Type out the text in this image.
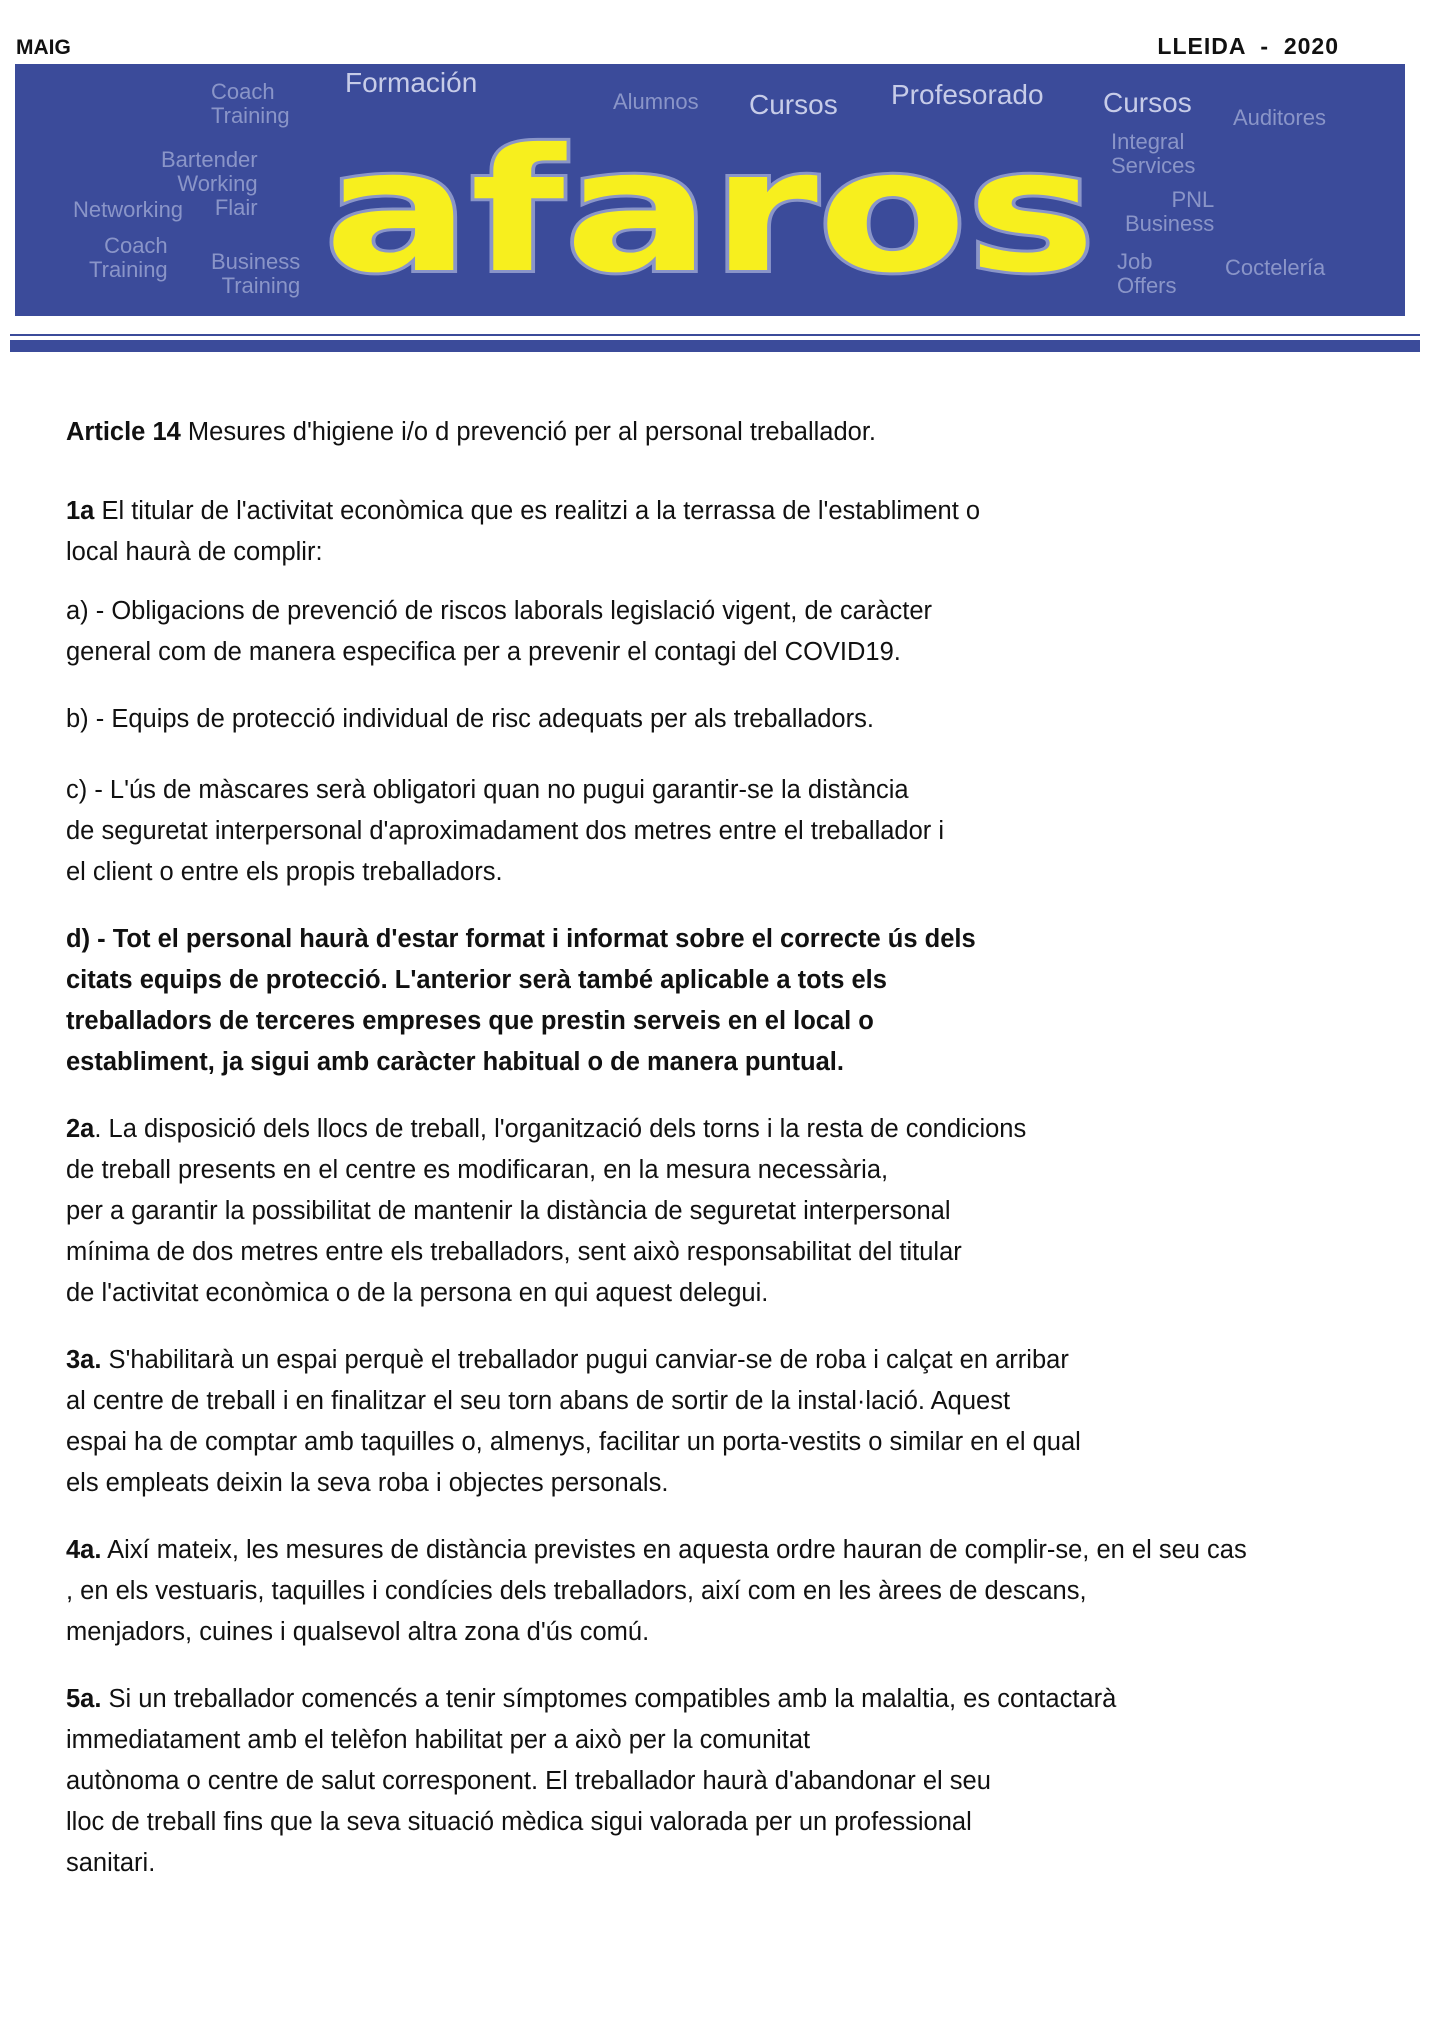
MAIG	LLEIDA  -  2020
Coach
Training
Formación
Alumnos Cursos Profesorado Cursos Auditores
Bartender
Working
Flair
Integral
Services
Networking	PNL
Business
Coach
Training Business
Training
Job
Offers
Coctelería
afaros

Article 14 Mesures d'higiene i/o d prevenció per al personal treballador.

1a El titular de l'activitat econòmica que es realitzi a la terrassa de l'establiment o
local haurà de complir:

a) - Obligacions de prevenció de riscos laborals legislació vigent, de caràcter
general com de manera especifica per a prevenir el contagi del COVID19.

b) - Equips de protecció individual de risc adequats per als treballadors.

c) - L'ús de màscares serà obligatori quan no pugui garantir-se la distància
de seguretat interpersonal d'aproximadament dos metres entre el treballador i
el client o entre els propis treballadors.

d) - Tot el personal haurà d'estar format i informat sobre el correcte ús dels
citats equips de protecció. L'anterior serà també aplicable a tots els
treballadors de terceres empreses que prestin serveis en el local o
establiment, ja sigui amb caràcter habitual o de manera puntual.

2a. La disposició dels llocs de treball, l'organització dels torns i la resta de condicions
de treball presents en el centre es modificaran, en la mesura necessària,
per a garantir la possibilitat de mantenir la distància de seguretat interpersonal
mínima de dos metres entre els treballadors, sent això responsabilitat del titular
de l'activitat econòmica o de la persona en qui aquest delegui.

3a. S'habilitarà un espai perquè el treballador pugui canviar-se de roba i calçat en arribar
al centre de treball i en finalitzar el seu torn abans de sortir de la instal·lació. Aquest
espai ha de comptar amb taquilles o, almenys, facilitar un porta-vestits o similar en el qual
els empleats deixin la seva roba i objectes personals.

4a. Així mateix, les mesures de distància previstes en aquesta ordre hauran de complir-se, en el seu cas
, en els vestuaris, taquilles i condícies dels treballadors, així com en les àrees de descans,
menjadors, cuines i qualsevol altra zona d'ús comú.

5a. Si un treballador comencés a tenir símptomes compatibles amb la malaltia, es contactarà
immediatament amb el telèfon habilitat per a això per la comunitat
autònoma o centre de salut corresponent. El treballador haurà d'abandonar el seu
lloc de treball fins que la seva situació mèdica sigui valorada per un professional
sanitari.
